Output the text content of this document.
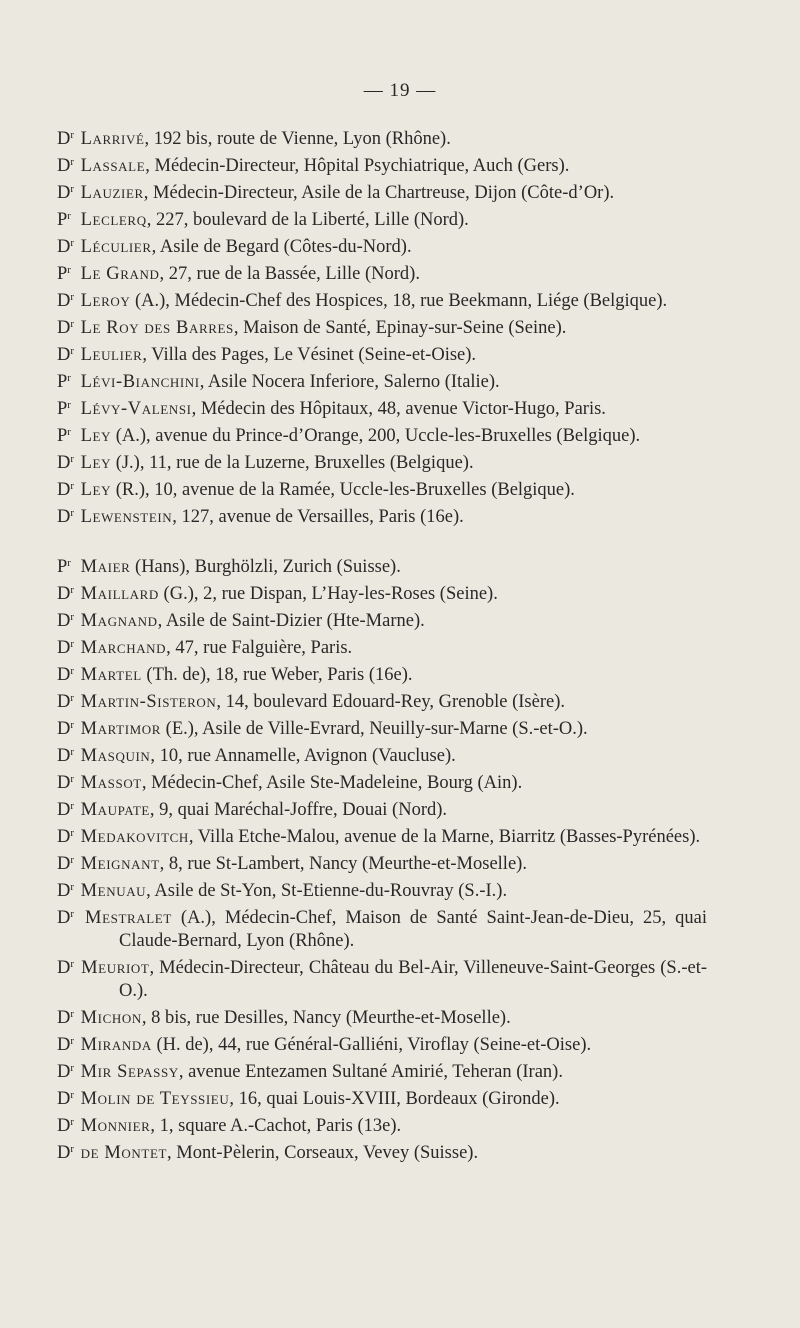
— 19 —
$D^r$ Larrivé, 192 bis, route de Vienne, Lyon (Rhône).
$D^r$ Lassale, Médecin-Directeur, Hôpital Psychiatrique, Auch (Gers).
$D^r$ Lauzier, Médecin-Directeur, Asile de la Chartreuse, Dijon (Côte-d’Or).
$P^r$ Leclerq, 227, boulevard de la Liberté, Lille (Nord).
$D^r$ Léculier, Asile de Begard (Côtes-du-Nord).
$P^r$ Le Grand, 27, rue de la Bassée, Lille (Nord).
$D^r$ Leroy (A.), Médecin-Chef des Hospices, 18, rue Beekmann, Liége (Belgique).
$D^r$ Le Roy des Barres, Maison de Santé, Epinay-sur-Seine (Seine).
$D^r$ Leulier, Villa des Pages, Le Vésinet (Seine-et-Oise).
$P^r$ Lévi-Bianchini, Asile Nocera Inferiore, Salerno (Italie).
$P^r$ Lévy-Valensi, Médecin des Hôpitaux, 48, avenue Victor-Hugo, Paris.
$P^r$ Ley (A.), avenue du Prince-d’Orange, 200, Uccle-les-Bruxelles (Belgique).
$D^r$ Ley (J.), 11, rue de la Luzerne, Bruxelles (Belgique).
$D^r$ Ley (R.), 10, avenue de la Ramée, Uccle-les-Bruxelles (Belgique).
$D^r$ Lewenstein, 127, avenue de Versailles, Paris (16e).
$P^r$ Maier (Hans), Burghölzli, Zurich (Suisse).
$D^r$ Maillard (G.), 2, rue Dispan, L’Hay-les-Roses (Seine).
$D^r$ Magnand, Asile de Saint-Dizier (Hte-Marne).
$D^r$ Marchand, 47, rue Falguière, Paris.
$D^r$ Martel (Th. de), 18, rue Weber, Paris (16e).
$D^r$ Martin-Sisteron, 14, boulevard Edouard-Rey, Grenoble (Isère).
$D^r$ Martimor (E.), Asile de Ville-Evrard, Neuilly-sur-Marne (S.-et-O.).
$D^r$ Masquin, 10, rue Annamelle, Avignon (Vaucluse).
$D^r$ Massot, Médecin-Chef, Asile Ste-Madeleine, Bourg (Ain).
$D^r$ Maupate, 9, quai Maréchal-Joffre, Douai (Nord).
$D^r$ Medakovitch, Villa Etche-Malou, avenue de la Marne, Biarritz (Basses-Pyrénées).
$D^r$ Meignant, 8, rue St-Lambert, Nancy (Meurthe-et-Moselle).
$D^r$ Menuau, Asile de St-Yon, St-Etienne-du-Rouvray (S.-I.).
$D^r$ Mestralet (A.), Médecin-Chef, Maison de Santé Saint-Jean-de-Dieu, 25, quai Claude-Bernard, Lyon (Rhône).
$D^r$ Meuriot, Médecin-Directeur, Château du Bel-Air, Villeneuve-Saint-Georges (S.-et-O.).
$D^r$ Michon, 8 bis, rue Desilles, Nancy (Meurthe-et-Moselle).
$D^r$ Miranda (H. de), 44, rue Général-Galliéni, Viroflay (Seine-et-Oise).
$D^r$ Mir Sepassy, avenue Entezamen Sultané Amirié, Teheran (Iran).
$D^r$ Molin de Teyssieu, 16, quai Louis-XVIII, Bordeaux (Gironde).
$D^r$ Monnier, 1, square A.-Cachot, Paris (13e).
$D^r$ de Montet, Mont-Pèlerin, Corseaux, Vevey (Suisse).
